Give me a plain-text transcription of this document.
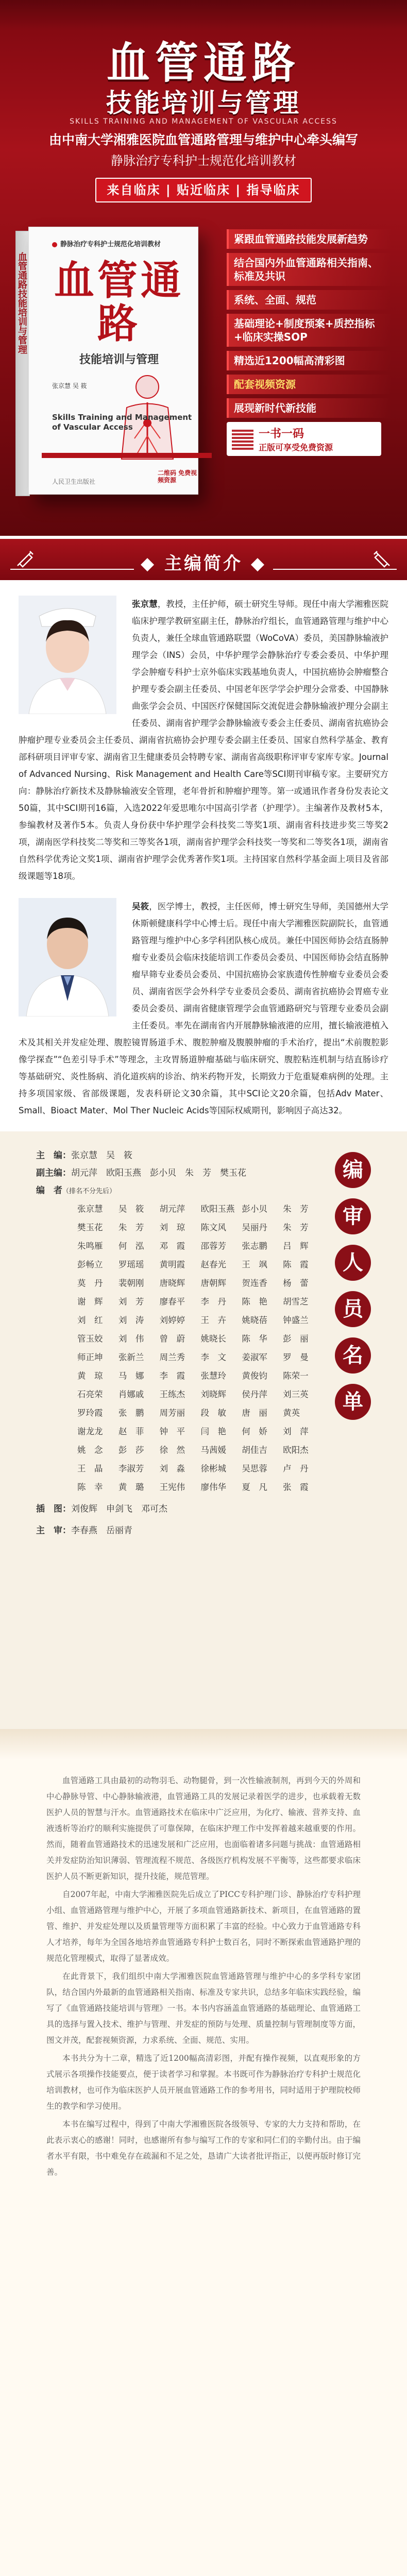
血管通路
技能培训与管理
SKILLS TRAINING AND MANAGEMENT OF VASCULAR ACCESS
由中南大学湘雅医院血管通路管理与维护中心牵头编写
静脉治疗专科护士规范化培训教材
来自临床 | 贴近临床 | 指导临床
血管通路技能培训与管理
静脉治疗专科护士规范化培训教材
血管通路
技能培训与管理
张京慧 吴 筱
Skills Training and Management of Vascular Access
二维码 免费视频资源
人民卫生出版社
紧跟血管通路技能发展新趋势
结合国内外血管通路相关指南、标准及共识
系统、全面、规范
基础理论+制度预案+质控指标+临床实操SOP
精选近1200幅高清彩图
配套视频资源
展现新时代新技能
一书一码
正版可享受免费资源
◆ 主编简介 ◆
张京慧，教授，主任护师，硕士研究生导师。现任中南大学湘雅医院临床护理学教研室副主任，静脉治疗组长，血管通路管理与维护中心负责人，兼任全球血管通路联盟（WoCoVA）委员，美国静脉输液护理学会（INS）会员，中华护理学会静脉治疗专委会委员、中华护理学会肿瘤专科护士京外临床实践基地负责人，中国抗癌协会肿瘤整合护理专委会副主任委员、中国老年医学学会护理分会常委、中国静脉曲张学会会员、中国医疗保健国际交流促进会静脉输液护理分会副主任委员、湖南省护理学会静脉输液专委会主任委员、湖南省抗癌协会肿瘤护理专业委员会主任委员、湖南省抗癌协会护理专委会副主任委员、国家自然科学基金、教育部科研项目评审专家、湖南省卫生健康委员会特聘专家、湖南省高级职称评审专家库专家。Journal of Advanced Nursing、Risk Management and Health Care等SCI期刊审稿专家。主要研究方向：静脉治疗新技术及静脉输液安全管理，老年骨折和肿瘤护理等。第一或通讯作者身份发表论文50篇，其中SCI期刊16篇，入选2022年爱思唯尔中国高引学者（护理学）。主编著作及教材5本，参编教材及著作5本。负责人身份获中华护理学会科技奖二等奖1项、湖南省科技进步奖三等奖2项，湖南医学科技奖二等奖和三等奖各1项，湖南省护理学会科技奖一等奖和二等奖各1项，湖南省自然科学优秀论文奖1项、湖南省护理学会优秀著作奖1项。主持国家自然科学基金面上项目及省部级课题等18项。
吴筱，医学博士，教授，主任医师，博士研究生导师，美国德州大学休斯顿健康科学中心博士后。现任中南大学湘雅医院副院长，血管通路管理与维护中心多学科团队核心成员。兼任中国医师协会结直肠肿瘤专业委员会临床技能培训工作委员会委员、中国医师协会结直肠肿瘤早筛专业委员会委员、中国抗癌协会家族遗传性肿瘤专业委员会委员、湖南省医学会外科学专业委员会委员、湖南省抗癌协会胃癌专业委员会委员、湖南省健康管理学会血管通路研究与管理专业委员会副主任委员。率先在湖南省内开展静脉输液港的应用，擅长输液港植入术及其相关并发症处理、腹腔镜胃肠道手术、腹腔肿瘤及腹膜肿瘤的手术治疗，提出“术前腹腔影像学探查”“色差引导手术”等理念，主攻胃肠道肿瘤基础与临床研究、腹腔粘连机制与结直肠诊疗等基础研究、炎性肠病、消化道疾病的诊治、纳米药物开发，长期致力于危重疑难病例的处理。主持多项国家级、省部级课题，发表科研论文30余篇，其中SCI论文20余篇，包括Adv Mater、Small、Bioact Mater、Mol Ther Nucleic Acids等国际权威期刊，影响因子高达32。
主　编：张京慧　吴　筱
副主编：胡元萍　欧阳玉燕　彭小贝　朱　芳　樊玉花
编　者（排名不分先后）
张京慧	吴　筱	胡元萍	欧阳玉燕 彭小贝	朱　芳
樊玉花	朱　芳	刘　琼	陈文风	吴丽丹	朱　芳
朱鸣雁	何　泓	邓　霞	邵蓉芳	张志鹏	吕　辉
彭畅立	罗瑶瑶	黄明霞	赵春光	王　飒	陈　霞
莫　丹	裴朝刚	唐晓辉	唐朝辉	贺连香	杨　蕾
谢　辉	刘　芳	廖春平	李　丹	陈　艳	胡雪芝
刘　红	刘　涛	刘婷婷	王　卉	姚晓蓓	钟盛兰
管玉姣	刘　伟	曾　蔚	姚晓长	陈　华	彭　丽
师正坤	张新兰	周兰秀	李　文	姜淑军	罗　曼
黄　琼	马　娜	李　霞	张慧玲	黄俊钧	陈荣一
石亮荣	肖娜戚	王练杰	刘晓辉	侯丹萍	刘三英
罗玲霞	张　鹏	周芳丽	段　敏	唐　丽	黄英
谢龙龙	赵　菲	钟　平	闫　艳	何　娇	刘　萍
姚　念	彭　莎	徐　然	马茜媛	胡佳吉	欧阳杰
王　晶	李淑芳	刘　淼	徐彬城	吴思蓉	卢　丹
陈　幸	黄　璐	王宪伟	廖伟华	夏　凡	张　霞
插　图：刘俊辉　申剑飞　邓可杰
主　审：李春燕　岳丽青
编
审
人
员
名
单

血管通路工具由最初的动物羽毛、动物腿骨，到一次性输液制剂，再到今天的外周和中心静脉导管、中心静脉输液港，血管通路工具的发展记录着医学的进步，也承载着无数医护人员的智慧与汗水。血管通路技术在临床中广泛应用，为化疗、输液、营养支持、血液透析等治疗的顺利实施提供了可靠保障，在临床护理工作中发挥着越来越重要的作用。然而，随着血管通路技术的迅速发展和广泛应用，也面临着诸多问题与挑战：血管通路相关并发症防治知识薄弱、管理流程不规范、各级医疗机构发展不平衡等，这些都要求临床医护人员不断更新知识，提升技能，规范管理。

自2007年起，中南大学湘雅医院先后成立了PICC专科护理门诊、静脉治疗专科护理小组、血管通路管理与维护中心，开展了多项血管通路新技术、新项目，在血管通路的置管、维护、并发症处理以及质量管理等方面积累了丰富的经验。中心致力于血管通路专科人才培养，每年为全国各地培养血管通路专科护士数百名，同时不断探索血管通路护理的规范化管理模式，取得了显著成效。

在此背景下，我们组织中南大学湘雅医院血管通路管理与维护中心的多学科专家团队，结合国内外最新的血管通路相关指南、标准及专家共识，总结多年临床实践经验，编写了《血管通路技能培训与管理》一书。本书内容涵盖血管通路的基础理论、血管通路工具的选择与置入技术、维护与管理、并发症的预防与处理、质量控制与管理制度等方面，图文并茂，配套视频资源，力求系统、全面、规范、实用。

本书共分为十二章，精选了近1200幅高清彩图，并配有操作视频，以直观形象的方式展示各项操作技能要点，便于读者学习和掌握。本书既可作为静脉治疗专科护士规范化培训教材，也可作为临床医护人员开展血管通路工作的参考用书，同时适用于护理院校师生的教学和学习使用。

本书在编写过程中，得到了中南大学湘雅医院各级领导、专家的大力支持和帮助，在此表示衷心的感谢！同时，也感谢所有参与编写工作的专家和同仁们的辛勤付出。由于编者水平有限，书中难免存在疏漏和不足之处，恳请广大读者批评指正，以便再版时修订完善。
